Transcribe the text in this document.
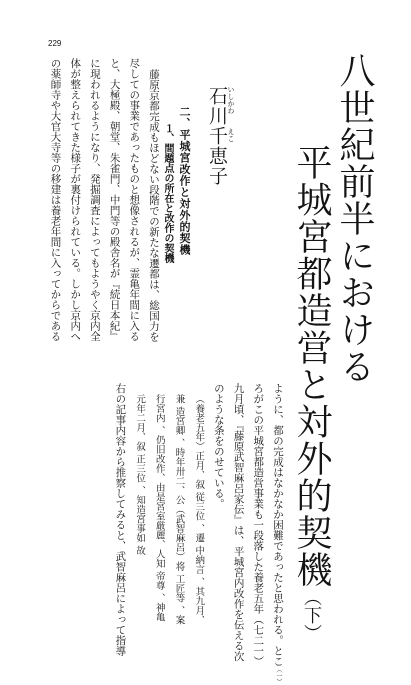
229
八世紀前半における
平城宮都造営と対外的契機（下）
いしかわえこ
石川千恵子
二、平城宮改作と対外的契機
１、間題点の所在と改作の契機
藤原京都完成もほどない段階での新たな遷都は、総国力を
尽しての事業であったものと想像されるが、霊亀年間に入る
と、大極殿、朝堂、朱雀門、中門等の殿舎名が『続日本紀』
に現われるようになり、発掘調査によってもようやく京内全
体が整えられてきた様子が裏付けられている。しかし京内へ
の薬師寺や大官大寺等の移建は養老年間に入ってからである
ように、都の完成はなかなか困難であったと思われる。とこ（一）
ろがこの平城宮都造営事業も一段落した養老五年（七二一）
九月頃、『藤原武智麻呂家伝』は、平城宮内改作を伝える次
のような条をのせている。
（養老五年）正月、叙 従三位 、遷 中納言 、其九月、
兼 造宮卿 、時年卅二、公（武智麻呂）将 工匠等 、案
行宮内 、仍旧改作、由是宮室厳麗、人知 帝尊 、神亀
元年二月、叙 正三位 、知造宮事如 故
右の記事内容から推察してみると、武智麻呂によって指導
